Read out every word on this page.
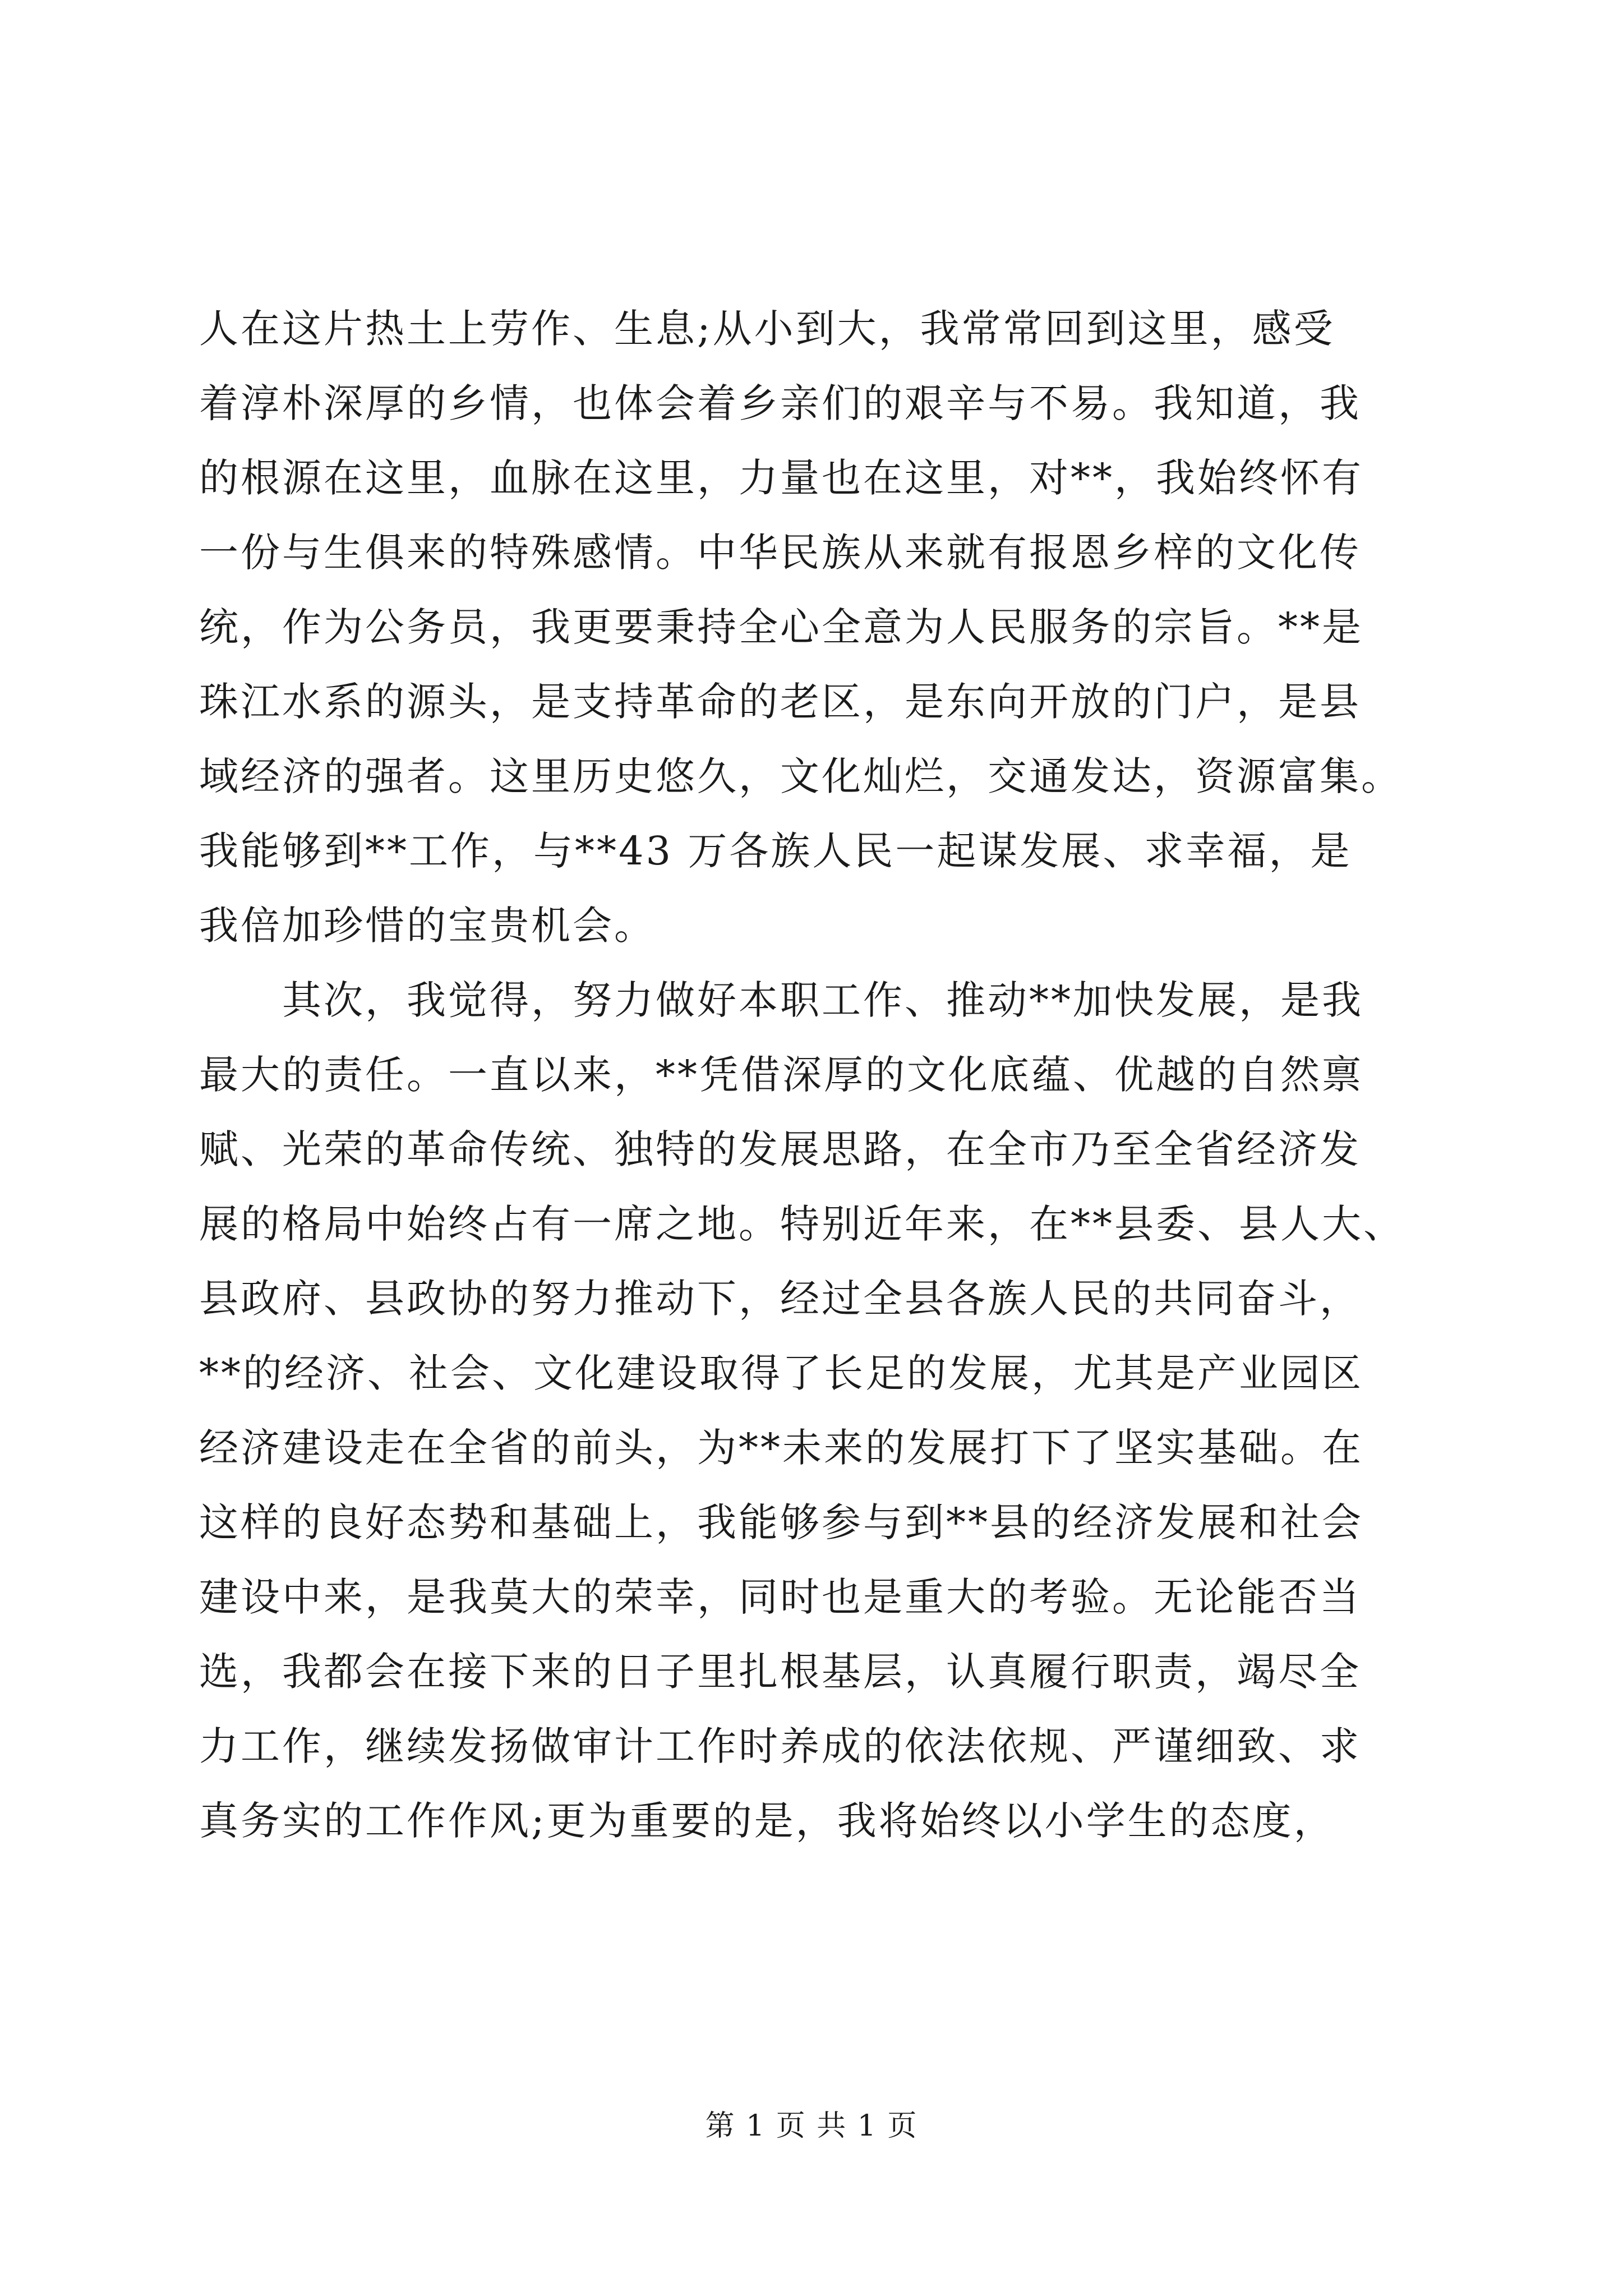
人在这片热土上劳作、生息;从小到大，我常常回到这里，感受
着淳朴深厚的乡情，也体会着乡亲们的艰辛与不易。我知道，我
的根源在这里，血脉在这里，力量也在这里，对**，我始终怀有
一份与生俱来的特殊感情。中华民族从来就有报恩乡梓的文化传
统，作为公务员，我更要秉持全心全意为人民服务的宗旨。**是
珠江水系的源头，是支持革命的老区，是东向开放的门户，是县
域经济的强者。这里历史悠久，文化灿烂，交通发达，资源富集。
我能够到**工作，与**43 万各族人民一起谋发展、求幸福，是
我倍加珍惜的宝贵机会。
　　其次，我觉得，努力做好本职工作、推动**加快发展，是我
最大的责任。一直以来，**凭借深厚的文化底蕴、优越的自然禀
赋、光荣的革命传统、独特的发展思路，在全市乃至全省经济发
展的格局中始终占有一席之地。特别近年来，在**县委、县人大、
县政府、县政协的努力推动下，经过全县各族人民的共同奋斗，
**的经济、社会、文化建设取得了长足的发展，尤其是产业园区
经济建设走在全省的前头，为**未来的发展打下了坚实基础。在
这样的良好态势和基础上，我能够参与到**县的经济发展和社会
建设中来，是我莫大的荣幸，同时也是重大的考验。无论能否当
选，我都会在接下来的日子里扎根基层，认真履行职责，竭尽全
力工作，继续发扬做审计工作时养成的依法依规、严谨细致、求
真务实的工作作风;更为重要的是，我将始终以小学生的态度，
第 1 页 共 1 页
